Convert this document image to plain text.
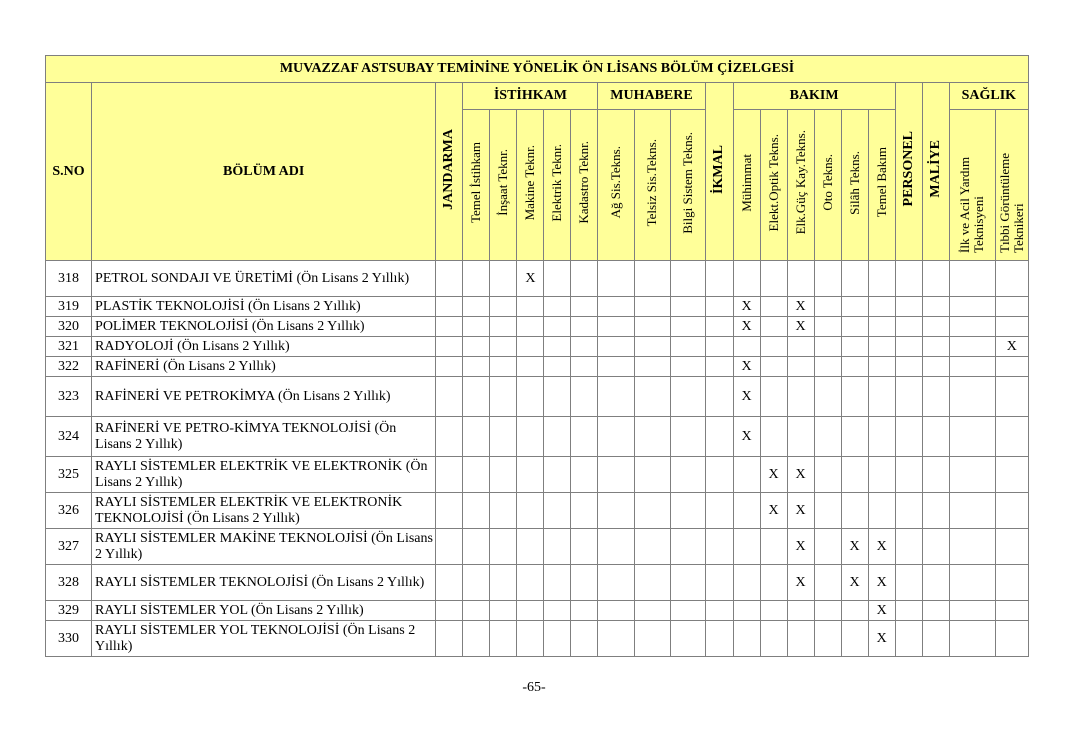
MUVAZZAF ASTSUBAY TEMİNİNE YÖNELİK ÖN LİSANS BÖLÜM ÇİZELGESİ																					
S.NO	BÖLÜM ADI	JANDARMA	İSTİHKAM					MUHABERE			İKMAL	BAKIM						PERSONEL	MALİYE	SAĞLIK	
			Temel İstihkam	İnşaat Teknr.	Makine Teknr.	Elektrik Teknr.	Kadastro Teknr.	Ağ Sis.Tekns.	Telsiz Sis.Tekns.	Bilgi Sistem Tekns.		Mühimmat	Elekt.Optik Tekns.	Elk.Güç Kay.Tekns.	Oto Tekns.	Silâh Tekns.	Temel Bakım			İlk ve Acil Yardım Teknisyeni	Tıbbi Görüntüleme Teknikeri
318	PETROL SONDAJI VE ÜRETİMİ (Ön Lisans 2 Yıllık)				X																
319	PLASTİK TEKNOLOJİSİ (Ön Lisans 2 Yıllık)											X		X							
320	POLİMER TEKNOLOJİSİ (Ön Lisans 2 Yıllık)											X		X							
321	RADYOLOJİ (Ön Lisans 2 Yıllık)																				X
322	RAFİNERİ (Ön Lisans 2 Yıllık)											X									
323	RAFİNERİ VE PETROKİMYA (Ön Lisans 2 Yıllık)											X									
324	RAFİNERİ VE PETRO-KİMYA TEKNOLOJİSİ (Ön Lisans 2 Yıllık)											X									
325	RAYLI SİSTEMLER ELEKTRİK VE ELEKTRONİK (Ön Lisans 2 Yıllık)												X	X							
326	RAYLI SİSTEMLER ELEKTRİK VE ELEKTRONİK TEKNOLOJİSİ (Ön Lisans 2 Yıllık)												X	X							
327	RAYLI SİSTEMLER MAKİNE TEKNOLOJİSİ (Ön Lisans 2 Yıllık)													X		X	X				
328	RAYLI SİSTEMLER TEKNOLOJİSİ (Ön Lisans 2 Yıllık)													X		X	X				
329	RAYLI SİSTEMLER YOL (Ön Lisans 2 Yıllık)																X				
330	RAYLI SİSTEMLER YOL TEKNOLOJİSİ (Ön Lisans 2 Yıllık)																X				
-65-
